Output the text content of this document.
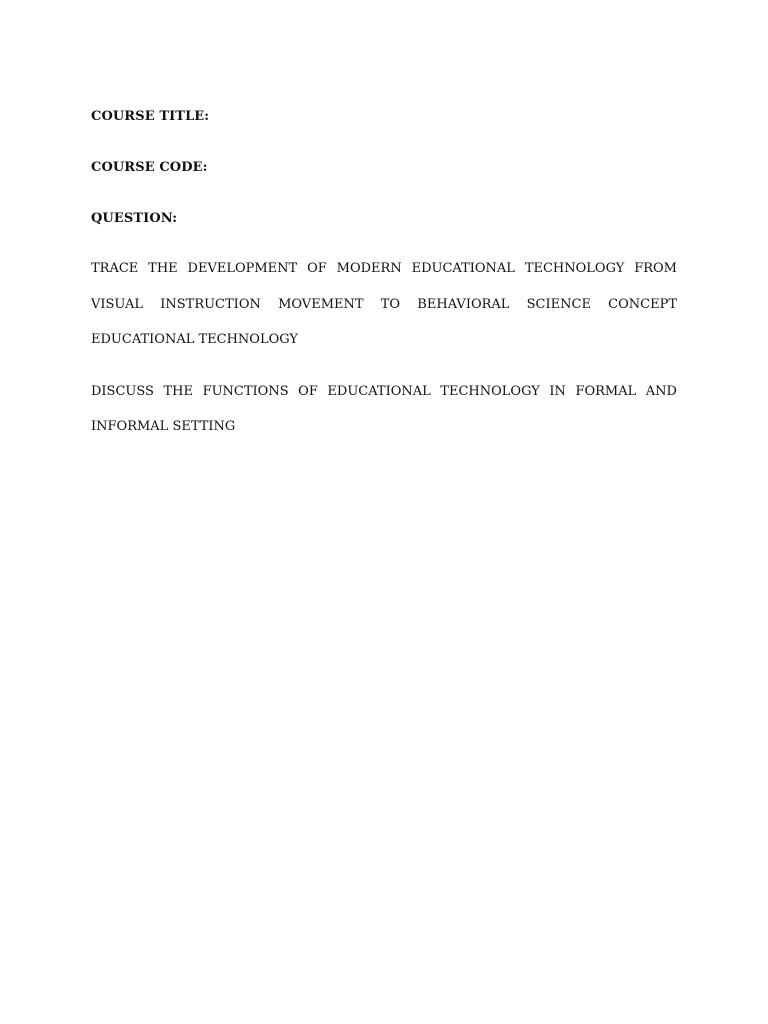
COURSE TITLE:

COURSE CODE:

QUESTION:

TRACE THE DEVELOPMENT OF MODERN EDUCATIONAL TECHNOLOGY FROM VISUAL INSTRUCTION MOVEMENT TO BEHAVIORAL SCIENCE CONCEPT EDUCATIONAL TECHNOLOGY

DISCUSS THE FUNCTIONS OF EDUCATIONAL TECHNOLOGY IN FORMAL AND INFORMAL SETTING
